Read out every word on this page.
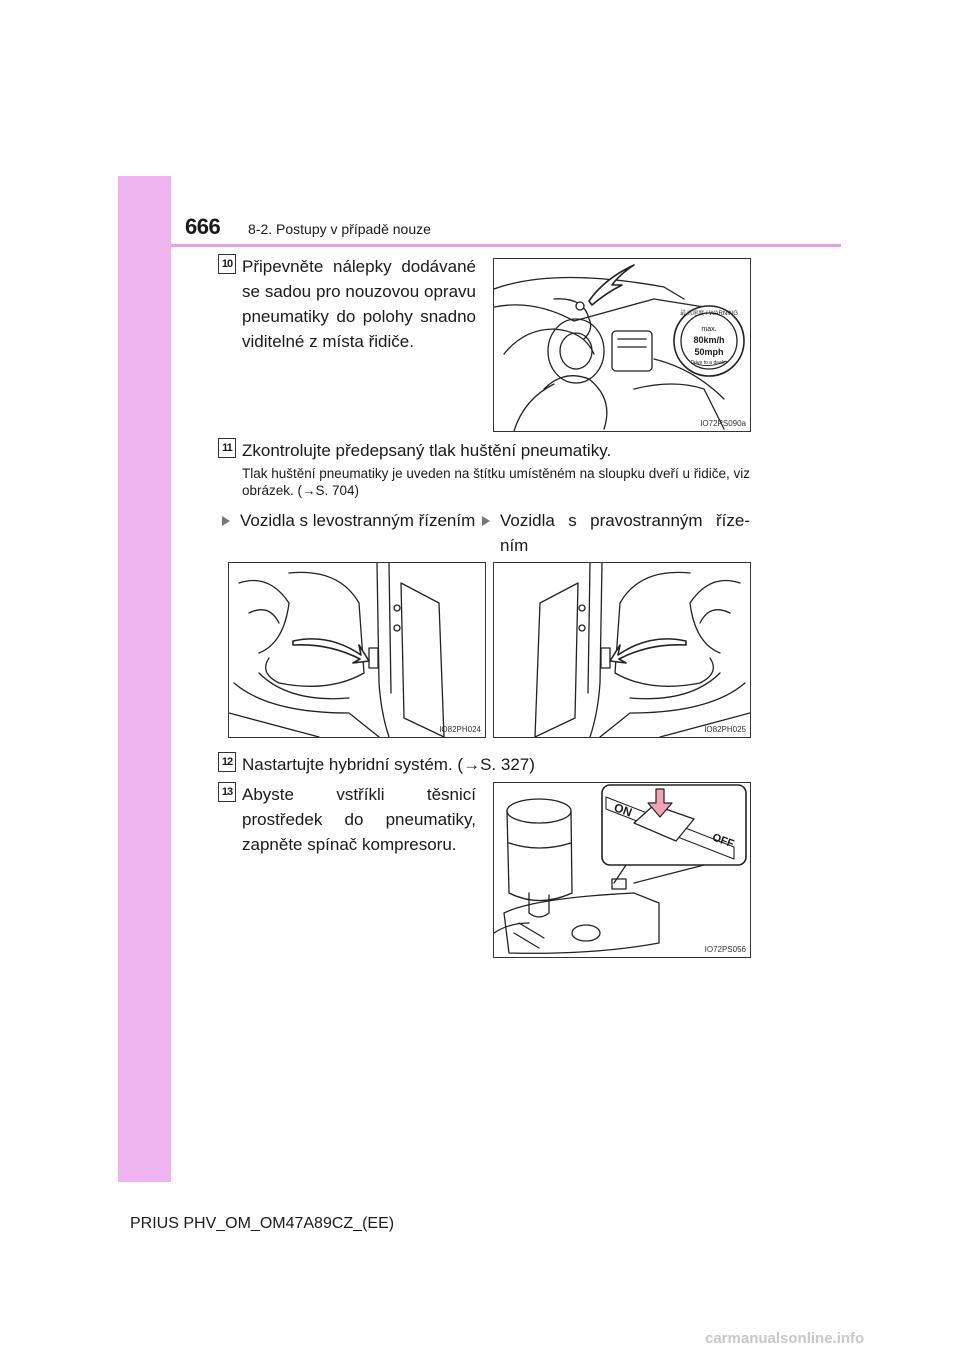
666 8-2. Postupy v případě nouze
10 Připevněte nálepky dodávané se sadou pro nouzovou opravu pneumatiky do polohy snadno viditelné z místa řidiče.
最高速度 / WARNING
max.
80km/h
50mph
Drive to a dealer
IO72PS090a
11 Zkontrolujte předepsaný tlak huštění pneumatiky.
Tlak huštění pneumatiky je uveden na štítku umístěném na sloupku dveří u řidiče, viz obrázek. (→S. 704)
Vozidla s levostranným řízením Vozidla s pravostranným říze-ním
IO82PH024	IO82PH025
12 Nastartujte hybridní systém. (→S. 327)
13 Abyste vstříkli těsnicí prostředek do pneumatiky, zapněte spínač kompresoru.
ON
OFF
IO72PS056
PRIUS PHV_OM_OM47A89CZ_(EE)
carmanualsonline.info
